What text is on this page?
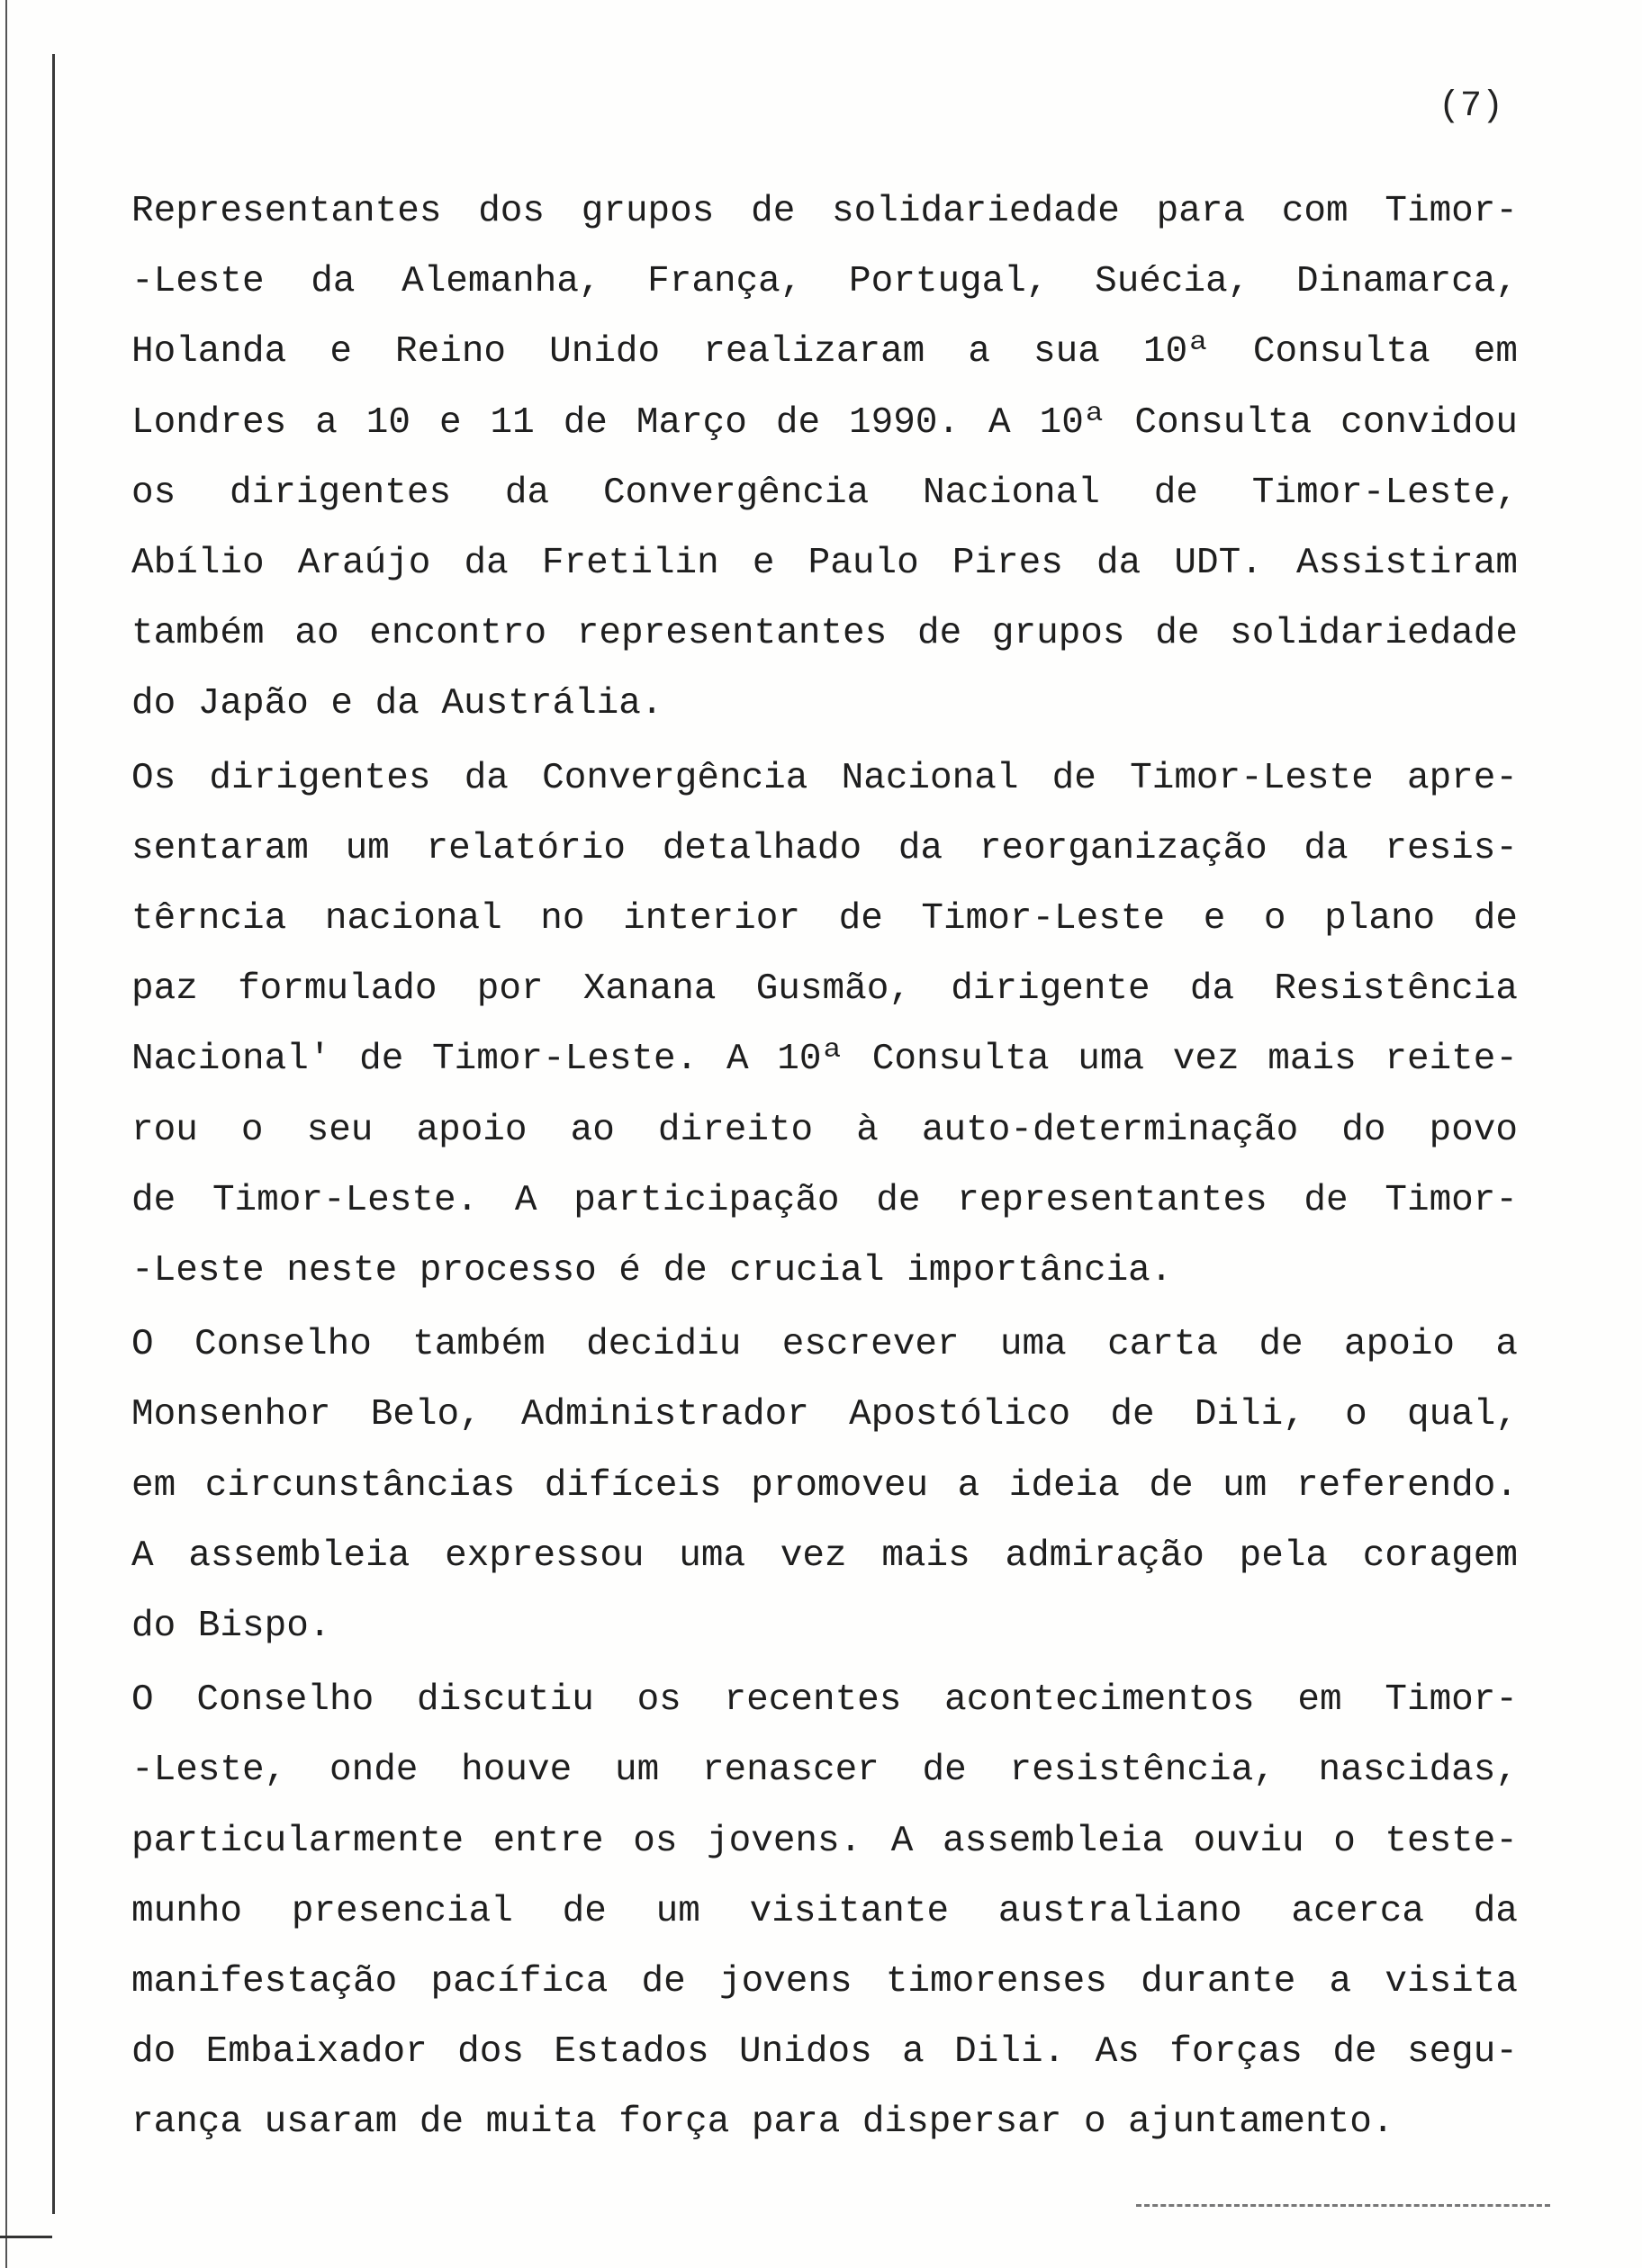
(7)
Representantes dos grupos de solidariedade para com Timor-
-Leste da Alemanha, França, Portugal, Suécia, Dinamarca,
Holanda e Reino Unido realizaram a sua 10ª Consulta em
Londres a 10 e 11 de Março de 1990. A 10ª Consulta convidou
os dirigentes da Convergência Nacional de Timor-Leste,
Abílio Araújo da Fretilin e Paulo Pires da UDT. Assistiram
também ao encontro representantes de grupos de solidariedade
do Japão e da Austrália.
Os dirigentes da Convergência Nacional de Timor-Leste apre-
sentaram um relatório detalhado da reorganização da resis-
têrncia nacional no interior de Timor-Leste e o plano de
paz formulado por Xanana Gusmão, dirigente da Resistência
Nacional' de Timor-Leste. A 10ª Consulta uma vez mais reite-
rou o seu apoio ao direito à auto-determinação do povo
de Timor-Leste. A participação de representantes de Timor-
-Leste neste processo é de crucial importância.
O Conselho também decidiu escrever uma carta de apoio a
Monsenhor Belo, Administrador Apostólico de Dili, o qual,
em circunstâncias difíceis promoveu a ideia de um referendo.
A assembleia expressou uma vez mais admiração pela coragem
do Bispo.
O Conselho discutiu os recentes acontecimentos em Timor-
-Leste, onde houve um renascer de resistência, nascidas,
particularmente entre os jovens. A assembleia ouviu o teste-
munho presencial de um visitante australiano acerca da
manifestação pacífica de jovens timorenses durante a visita
do Embaixador dos Estados Unidos a Dili. As forças de segu-
rança usaram de muita força para dispersar o ajuntamento.
